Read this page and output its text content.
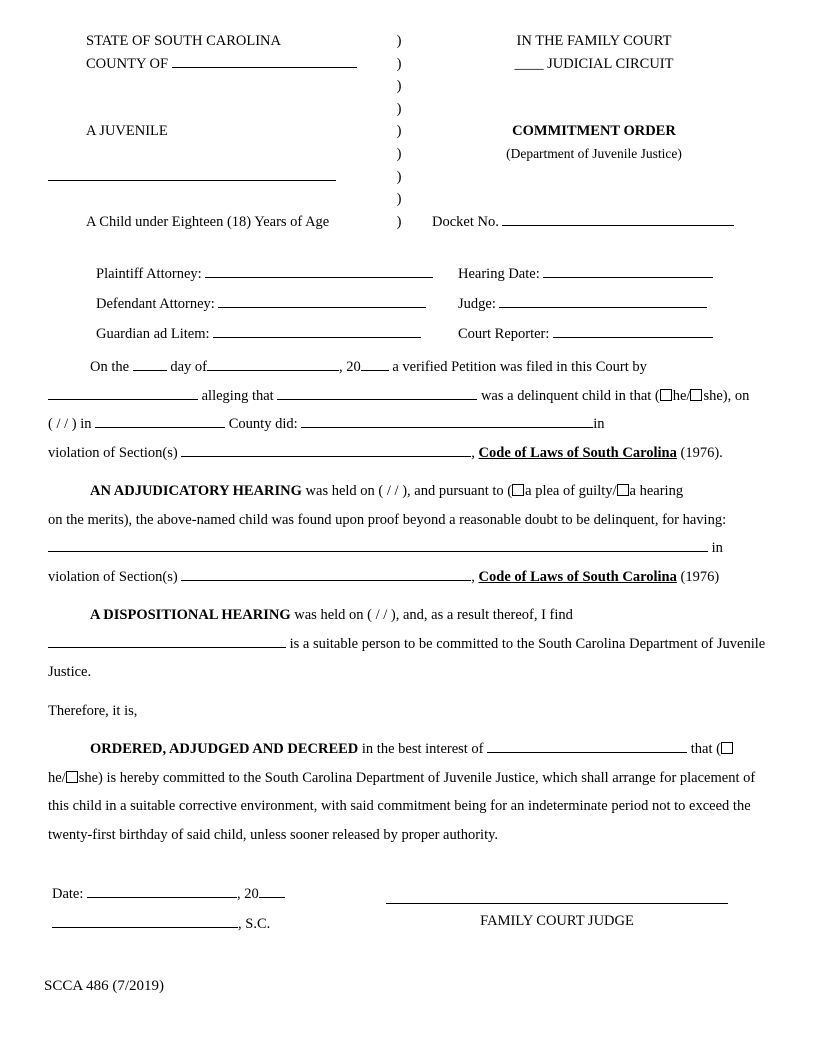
STATE OF SOUTH CAROLINA
COUNTY OF

A JUVENILE

A Child under Eighteen (18) Years of Age
)
)
)
)
)
)
)
)
)
IN THE FAMILY COURT
____ JUDICIAL CIRCUIT

COMMITMENT ORDER
(Department of Juvenile Justice)

Docket No.
Plaintiff Attorney:	Hearing Date:
Defendant Attorney:	Judge:
Guardian ad Litem:	Court Reporter:

On the  day of	, 20 a verified Petition was filed in this Court by

alleging that	was a delinquent child in that ( he/ she), on

( / / ) in	County did:	in

violation of Section(s)	, Code of Laws of South Carolina (1976).

AN ADJUDICATORY HEARING was held on ( / / ), and pursuant to ( a plea of guilty/ a hearing

on the merits), the above-named child was found upon proof beyond a reasonable doubt to be delinquent, for having:

in

violation of Section(s)	, Code of Laws of South Carolina (1976)

A DISPOSITIONAL HEARING was held on ( / / ), and, as a result thereof, I find

is a suitable person to be committed to the South Carolina Department of Juvenile

Justice.

Therefore, it is,

ORDERED, ADJUDGED AND DECREED in the best interest of	that (

he/ she) is hereby committed to the South Carolina Department of Juvenile Justice, which shall arrange for placement of

this child in a suitable corrective environment, with said commitment being for an indeterminate period not to exceed the

twenty-first birthday of said child, unless sooner released by proper authority.

Date:	, 20
, S.C.	FAMILY COURT JUDGE
SCCA 486 (7/2019)
